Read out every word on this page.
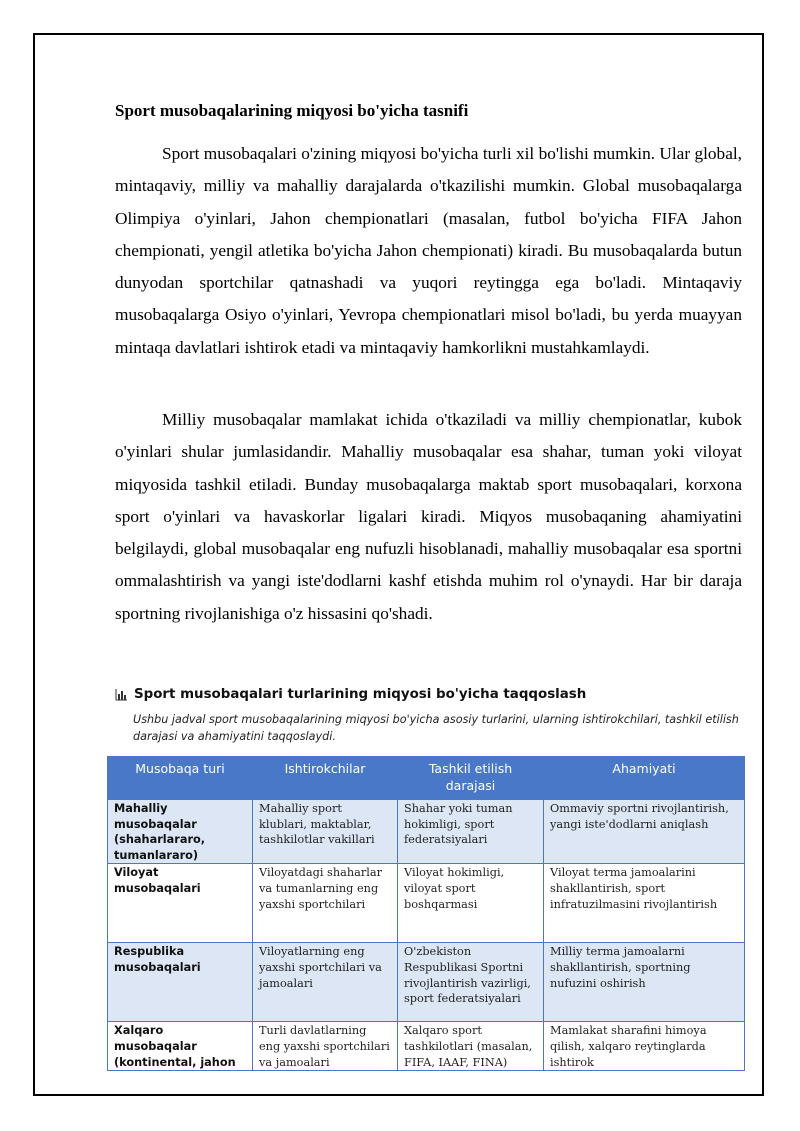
Sport musobaqalarining miqyosi bo'yicha tasnifi

Sport musobaqalari o'zining miqyosi bo'yicha turli xil bo'lishi mumkin. Ular global, mintaqaviy, milliy va mahalliy darajalarda o'tkazilishi mumkin. Global musobaqalarga Olimpiya o'yinlari, Jahon chempionatlari (masalan, futbol bo'yicha FIFA Jahon chempionati, yengil atletika bo'yicha Jahon chempionati) kiradi. Bu musobaqalarda butun dunyodan sportchilar qatnashadi va yuqori reytingga ega bo'ladi. Mintaqaviy musobaqalarga Osiyo o'yinlari, Yevropa chempionatlari misol bo'ladi, bu yerda muayyan mintaqa davlatlari ishtirok etadi va mintaqaviy hamkorlikni mustahkamlaydi.

Milliy musobaqalar mamlakat ichida o'tkaziladi va milliy chempionatlar, kubok o'yinlari shular jumlasidandir. Mahalliy musobaqalar esa shahar, tuman yoki viloyat miqyosida tashkil etiladi. Bunday musobaqalarga maktab sport musobaqalari, korxona sport o'yinlari va havaskorlar ligalari kiradi. Miqyos musobaqaning ahamiyatini belgilaydi, global musobaqalar eng nufuzli hisoblanadi, mahalliy musobaqalar esa sportni ommalashtirish va yangi iste'dodlarni kashf etishda muhim rol o'ynaydi. Har bir daraja sportning rivojlanishiga o'z hissasini qo'shadi.

Sport musobaqalari turlarining miqyosi bo'yicha taqqoslash
Ushbu jadval sport musobaqalarining miqyosi bo'yicha asosiy turlarini, ularning ishtirokchilari, tashkil etilish darajasi va ahamiyatini taqqoslaydi.
Musobaqa turi	Ishtirokchilar	Tashkil etilish darajasi	Ahamiyati
Mahalliy musobaqalar (shaharlararo, tumanlararo)	Mahalliy sport klublari, maktablar, tashkilotlar vakillari	Shahar yoki tuman hokimligi, sport federatsiyalari	Ommaviy sportni rivojlantirish, yangi iste'dodlarni aniqlash
Viloyat musobaqalari	Viloyatdagi shaharlar va tumanlarning eng yaxshi sportchilari	Viloyat hokimligi, viloyat sport boshqarmasi	Viloyat terma jamoalarini shakllantirish, sport infratuzilmasini rivojlantirish
Respublika musobaqalari	Viloyatlarning eng yaxshi sportchilari va jamoalari	O'zbekiston Respublikasi Sportni rivojlantirish vazirligi, sport federatsiyalari	Milliy terma jamoalarni shakllantirish, sportning nufuzini oshirish
Xalqaro musobaqalar (kontinental, jahon	Turli davlatlarning eng yaxshi sportchilari va jamoalari	Xalqaro sport tashkilotlari (masalan, FIFA, IAAF, FINA)	Mamlakat sharafini himoya qilish, xalqaro reytinglarda ishtirok
